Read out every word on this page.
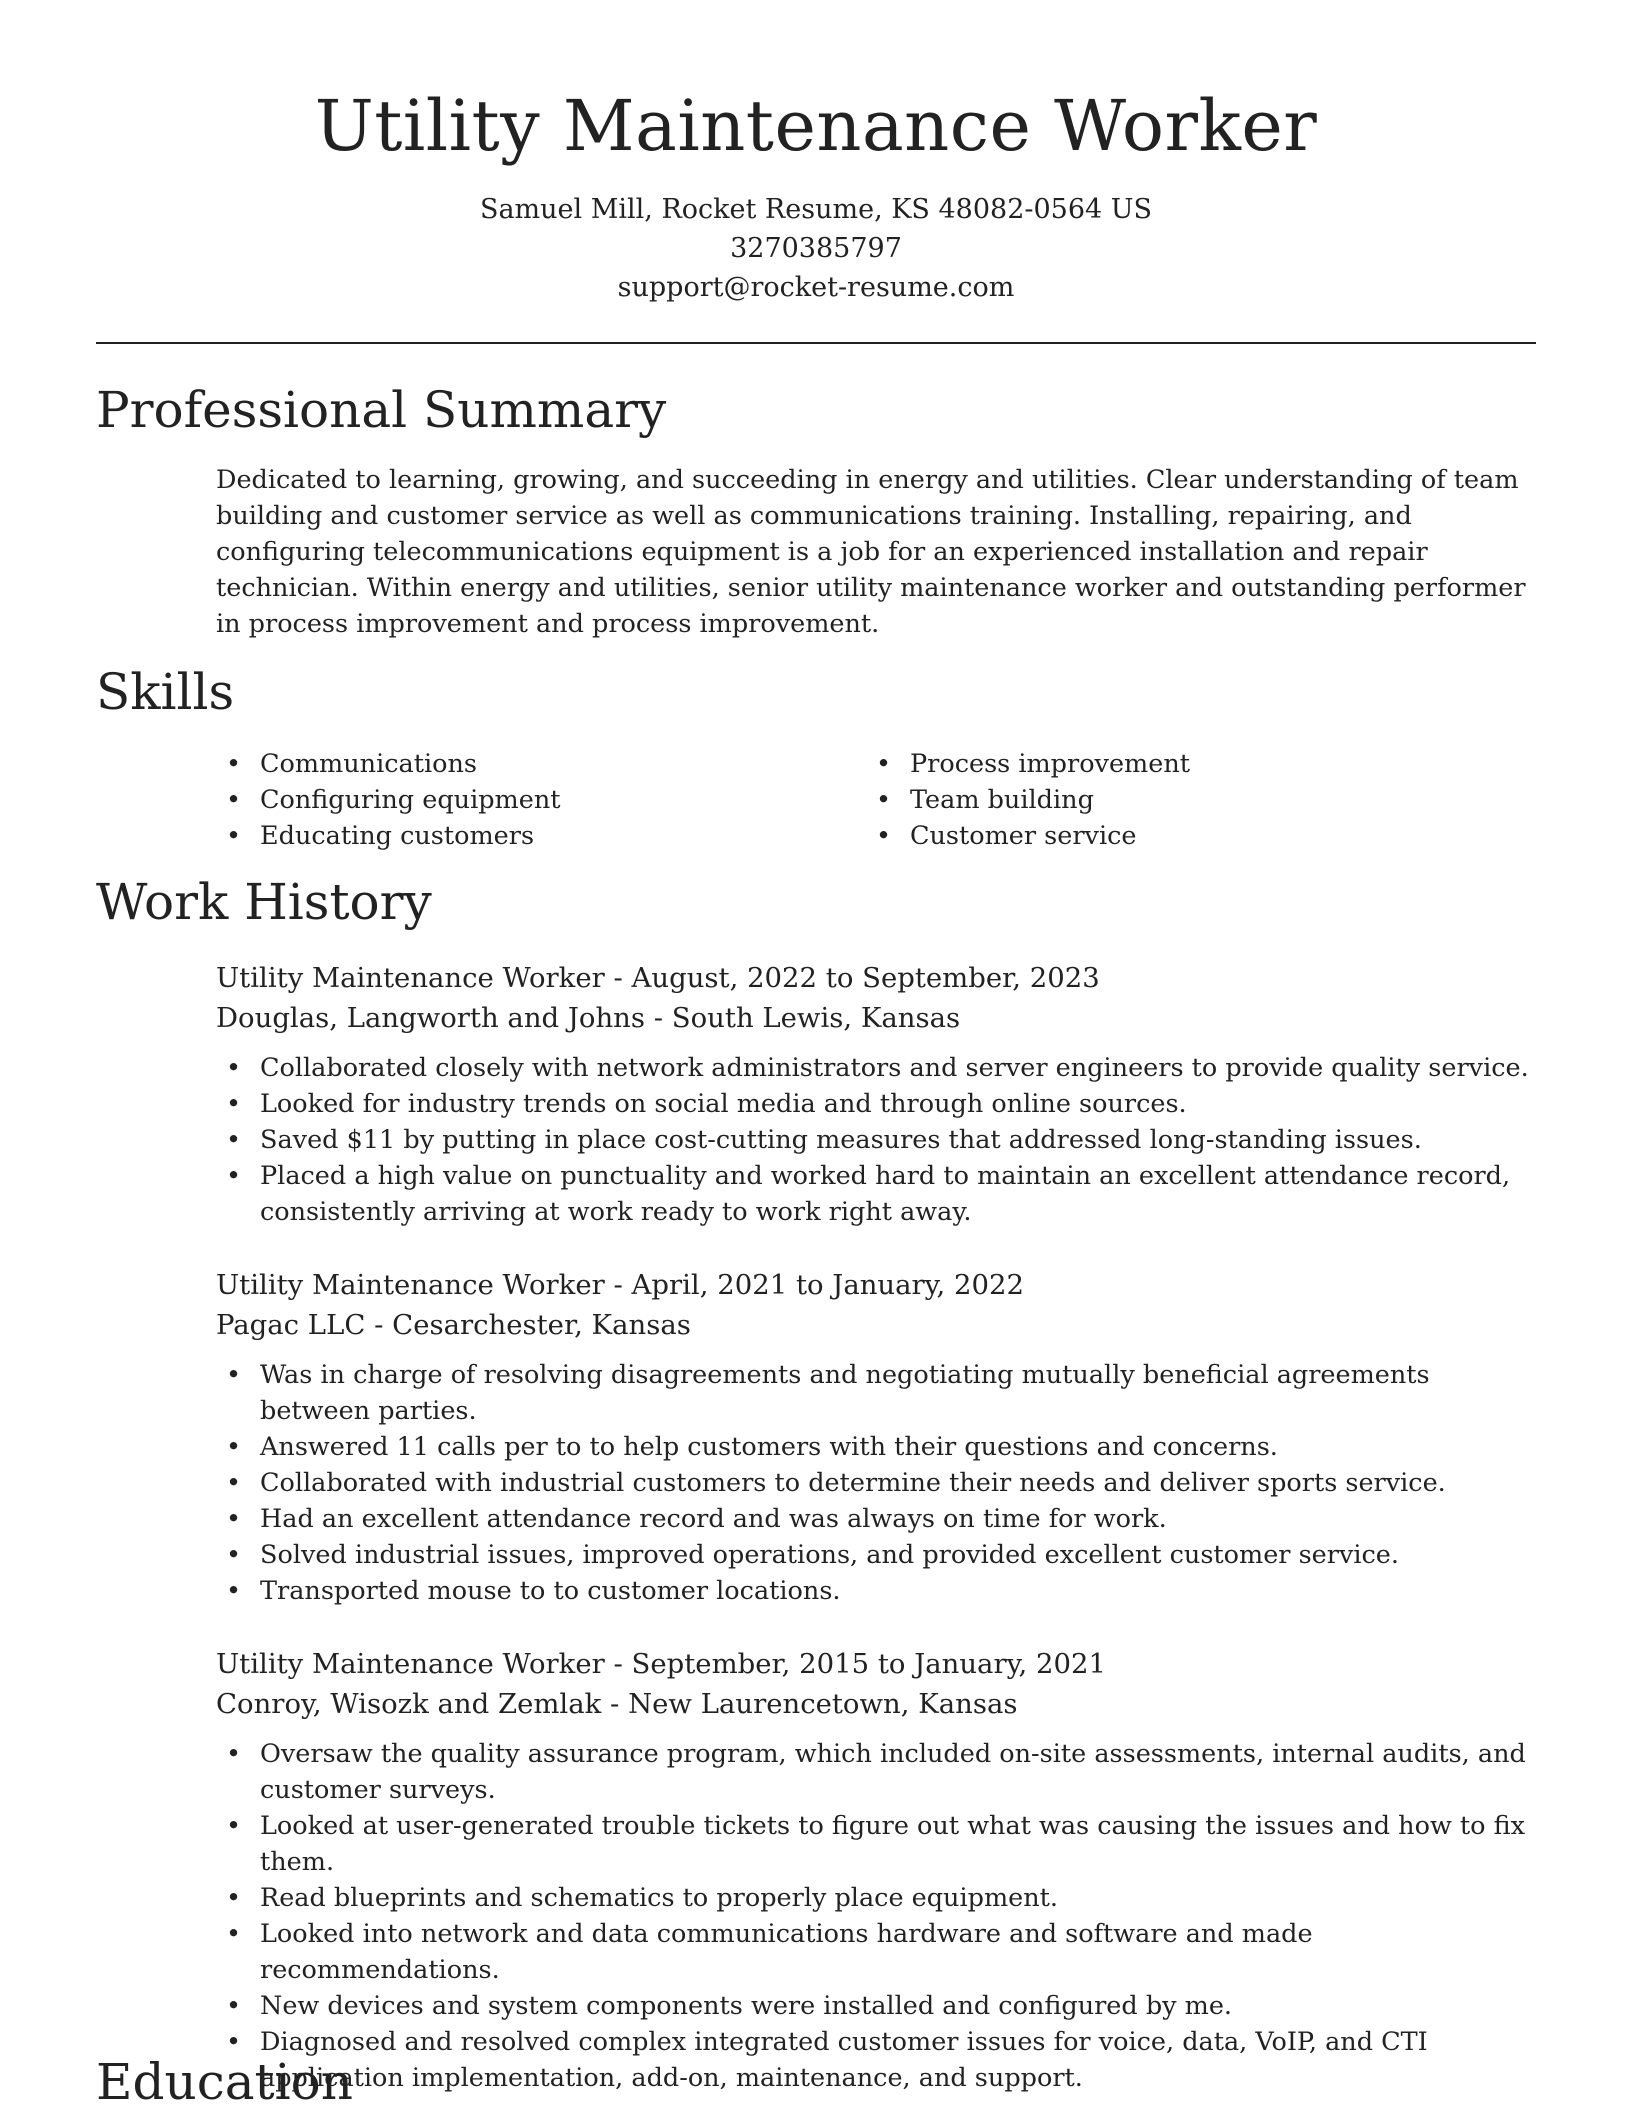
Utility Maintenance Worker
Samuel Mill, Rocket Resume, KS 48082-0564 US
3270385797
support@rocket-resume.com
Professional Summary

Dedicated to learning, growing, and succeeding in energy and utilities. Clear understanding of team building and customer service as well as communications training. Installing, repairing, and configuring telecommunications equipment is a job for an experienced installation and repair technician. Within energy and utilities, senior utility maintenance worker and outstanding performer in process improvement and process improvement.

Skills
• Communications
• Configuring equipment
• Educating customers
• Process improvement
• Team building
• Customer service
Work History
Utility Maintenance Worker - August, 2022 to September, 2023
Douglas, Langworth and Johns - South Lewis, Kansas
• Collaborated closely with network administrators and server engineers to provide quality service.
• Looked for industry trends on social media and through online sources.
• Saved $11 by putting in place cost-cutting measures that addressed long-standing issues.
• Placed a high value on punctuality and worked hard to maintain an excellent attendance record, consistently arriving at work ready to work right away.
Utility Maintenance Worker - April, 2021 to January, 2022
Pagac LLC - Cesarchester, Kansas
• Was in charge of resolving disagreements and negotiating mutually beneficial agreements between parties.
• Answered 11 calls per to to help customers with their questions and concerns.
• Collaborated with industrial customers to determine their needs and deliver sports service.
• Had an excellent attendance record and was always on time for work.
• Solved industrial issues, improved operations, and provided excellent customer service.
• Transported mouse to to customer locations.
Utility Maintenance Worker - September, 2015 to January, 2021
Conroy, Wisozk and Zemlak - New Laurencetown, Kansas
• Oversaw the quality assurance program, which included on-site assessments, internal audits, and customer surveys.
• Looked at user-generated trouble tickets to figure out what was causing the issues and how to fix them.
• Read blueprints and schematics to properly place equipment.
• Looked into network and data communications hardware and software and made recommendations.
• New devices and system components were installed and configured by me.
• Diagnosed and resolved complex integrated customer issues for voice, data, VoIP, and CTI application implementation, add-on, maintenance, and support.
Education
